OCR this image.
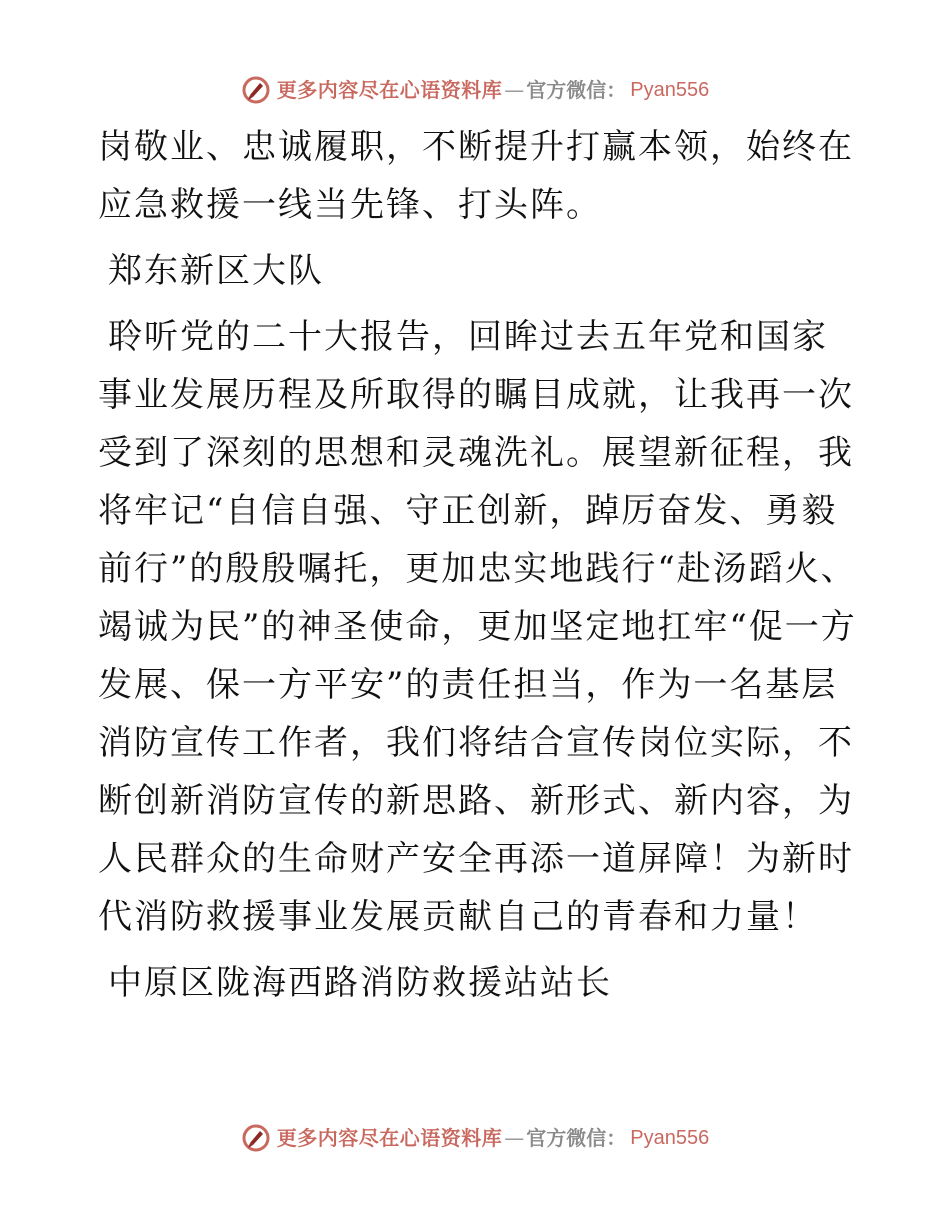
更多内容尽在心语资料库 — 官方微信： Pyan556

岗敬业、忠诚履职，不断提升打赢本领，始终在应急救援一线当先锋、打头阵。

郑东新区大队

聆听党的二十大报告，回眸过去五年党和国家事业发展历程及所取得的瞩目成就，让我再一次受到了深刻的思想和灵魂洗礼。展望新征程，我将牢记“自信自强、守正创新，踔厉奋发、勇毅前行”的殷殷嘱托，更加忠实地践行“赴汤蹈火、竭诚为民”的神圣使命，更加坚定地扛牢“促一方发展、保一方平安”的责任担当，作为一名基层消防宣传工作者，我们将结合宣传岗位实际，不断创新消防宣传的新思路、新形式、新内容，为人民群众的生命财产安全再添一道屏障！为新时代消防救援事业发展贡献自己的青春和力量！

中原区陇海西路消防救援站站长

更多内容尽在心语资料库 — 官方微信： Pyan556
